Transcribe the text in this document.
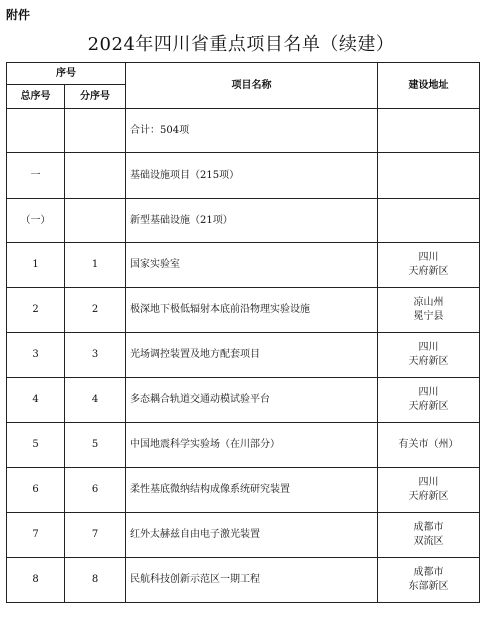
附件
2024年四川省重点项目名单（续建）
序号		项目名称	建设地址
总序号	分序号		
		合计：504项	
一		基础设施项目（215项）	
（一）		新型基础设施（21项）	
1	1	国家实验室	四川
天府新区

2	2	极深地下极低辐射本底前沿物理实验设施	凉山州
冕宁县

3	3	光场调控装置及地方配套项目	四川
天府新区

4	4	多态耦合轨道交通动模试验平台	四川
天府新区

5	5	中国地震科学实验场（在川部分）	有关市（州）

6	6	柔性基底微纳结构成像系统研究装置	四川
天府新区

7	7	红外太赫兹自由电子激光装置	成都市
双流区

8	8	民航科技创新示范区一期工程	成都市
东部新区
